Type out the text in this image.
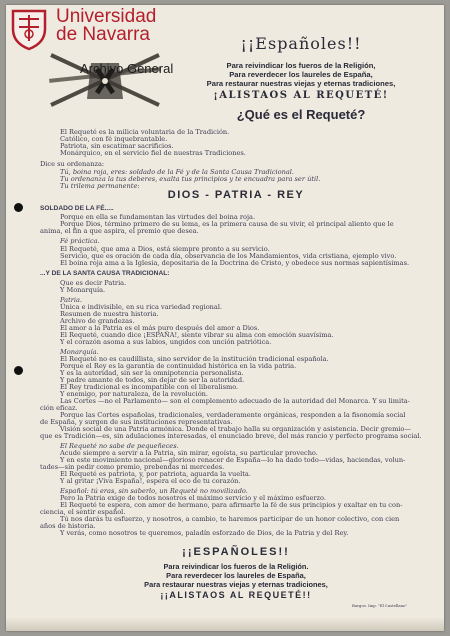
Universidad de Navarra
Archivo General
¡¡Españoles!!
Para reivindicar los fueros de la Religión,
Para reverdecer los laureles de España,
Para restaurar nuestras viejas y eternas tradiciones,
¡ALISTAOS AL REQUETÉ!
¿Qué es el Requeté?
El Requeté es la milicia voluntaria de la Tradición.
Católico, con fé inquebrantable.
Patriota, sin escatimar sacrificios.
Monárquico, en el servicio fiel de nuestras Tradiciones.
Dice su ordenanza:
Tú, boina roja, eres: soldado de la Fé y de la Santa Causa Tradicional.
Tu ordenanza la tus deberes, exalta tus principios y te encuadra para ser útil.
Tu trilema permanente:
DIOS - PATRIA - REY
SOLDADO DE LA FÉ.....
Porque en ella se fundamentan las virtudes del boina roja.
Porque Dios, término primero de su lema, es la primera causa de su vivir, el principal aliento que le
anima, el fin a que aspira, el premio que desea.
Fé práctica.
El Requeté, que ama a Dios, está siempre pronto a su servicio.
Servicio, que es oración de cada día, observancia de los Mandamientos, vida cristiana, ejemplo vivo.
El boina roja ama a la Iglesia, depositaria de la Doctrina de Cristo, y obedece sus normas sapientísimas.
...Y DE LA SANTA CAUSA TRADICIONAL:
Que es decir Patria.
Y Monarquía.
Patria.
Única e indivisible, en su rica variedad regional.
Resumen de nuestra historia.
Archivo de grandezas.
El amor a la Patria es el más puro después del amor a Dios.
El Requeté, cuando dice ¡ESPAÑA!, siente vibrar su alma con emoción suavísima.
Y el corazón asoma a sus labios, ungidos con unción patriótica.
Monarquía.
El Requeté no es caudillista, sino servidor de la institución tradicional española.
Porque el Rey es la garantía de continuidad histórica en la vida patria.
Y es la autoridad, sin ser la omnipotencia personalista.
Y padre amante de todos, sin dejar de ser la autoridad.
El Rey tradicional es incompatible con el liberalismo.
Y enemigo, por naturaleza, de la revolución.
Las Cortes —no el Parlamento— son el complemento adecuado de la autoridad del Monarca. Y su limita-
ción eficaz.
Porque las Cortes españolas, tradicionales, verdaderamente orgánicas, responden a la fisonomía social
de España, y surgen de sus instituciones representativas.
Visión social de una Patria armónica. Donde el trabajo halla su organización y asistencia. Decir gremio—
que es Tradición—es, sin adulaciones interesadas, el enunciado breve, del más rancio y perfecto programa social.
El Requeté no sabe de pequeñeces.
Acude siempre a servir a la Patria, sin mirar, egoísta, su particular provecho.
Y en este movimiento nacional—glorioso renacer de España—lo ha dado todo—vidas, haciendas, volun-
tades—sin pedir como premio, prebendas ni mercedes.
El Requeté es patriota, y, por patriota, aguarda la vuelta.
Y al gritar ¡Viva España!, espera el eco de tu corazón.
Español: tú eras, sin saberlo, un Requeté no movilizado.
Pero la Patria exige de todos nosotros el máximo servicio y el máximo esfuerzo.
El Requeté te espera, con amor de hermano, para afirmarte la fé de sus principios y exaltar en tu con-
ciencia, el sentir español.
Tú nos darás tu esfuerzo, y nosotros, a cambio, te haremos participar de un honor colectivo, con cien
años de historia.
Y verás, como nosotros te queremos, paladín esforzado de Dios, de la Patria y del Rey.
¡¡ESPAÑOLES!!
Para reivindicar los fueros de la Religión.
Para reverdecer los laureles de España,
Para restaurar nuestras viejas y eternas tradiciones,
¡¡ALISTAOS AL REQUETÉ!!
Burgos. Imp. "El Castellano"
